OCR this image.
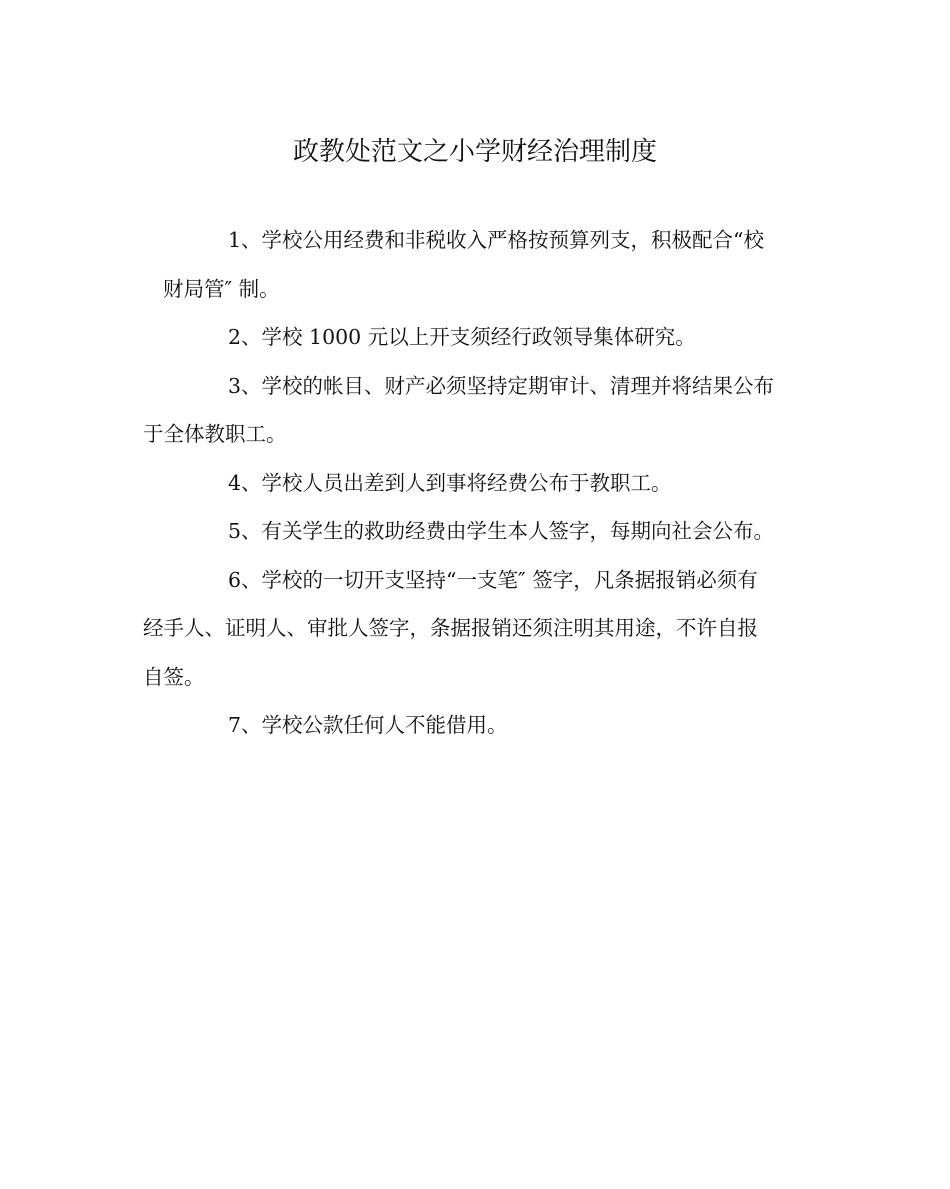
政教处范文之小学财经治理制度
1、学校公用经费和非税收入严格按预算列支，积极配合“校
财局管″ 制。
2、学校 1000 元以上开支须经行政领导集体研究。
3、学校的帐目、财产必须坚持定期审计、清理并将结果公布
于全体教职工。
4、学校人员出差到人到事将经费公布于教职工。
5、有关学生的救助经费由学生本人签字，每期向社会公布。
6、学校的一切开支坚持“一支笔″ 签字，凡条据报销必须有
经手人、证明人、审批人签字，条据报销还须注明其用途，不许自报
自签。
7、学校公款任何人不能借用。
